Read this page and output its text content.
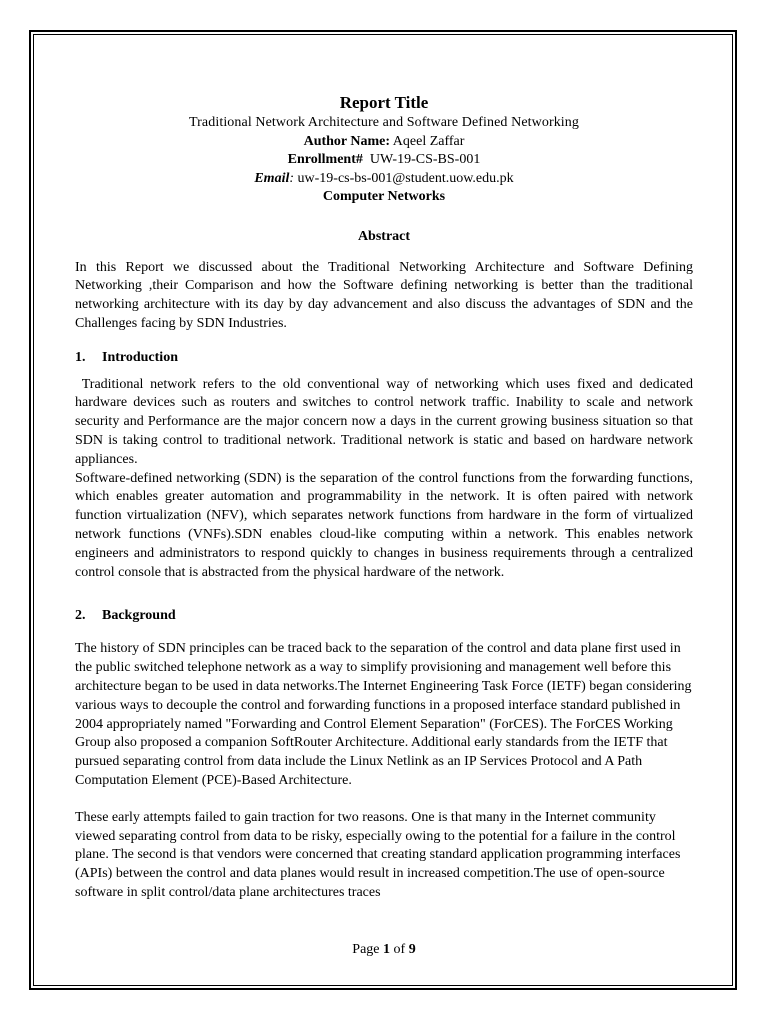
Report Title
Traditional Network Architecture and Software Defined Networking
Author Name: Aqeel Zaffar
Enrollment# UW-19-CS-BS-001
Email: uw-19-cs-bs-001@student.uow.edu.pk
Computer Networks
Abstract

In this Report we discussed about the Traditional Networking Architecture and Software Defining Networking ,their Comparison and how the Software defining networking is better than the traditional networking architecture with its day by day advancement and also discuss the advantages of SDN and the Challenges facing by SDN Industries.

1. Introduction

Traditional network refers to the old conventional way of networking which uses fixed and dedicated hardware devices such as routers and switches to control network traffic. Inability to scale and network security and Performance are the major concern now a days in the current growing business situation so that SDN is taking control to traditional network. Traditional network is static and based on hardware network appliances.

Software-defined networking (SDN) is the separation of the control functions from the forwarding functions, which enables greater automation and programmability in the network. It is often paired with network function virtualization (NFV), which separates network functions from hardware in the form of virtualized network functions (VNFs).SDN enables cloud-like computing within a network. This enables network engineers and administrators to respond quickly to changes in business requirements through a centralized control console that is abstracted from the physical hardware of the network.

2. Background

The history of SDN principles can be traced back to the separation of the control and data plane first used in the public switched telephone network as a way to simplify provisioning and management well before this architecture began to be used in data networks.The Internet Engineering Task Force (IETF) began considering various ways to decouple the control and forwarding functions in a proposed interface standard published in 2004 appropriately named "Forwarding and Control Element Separation" (ForCES). The ForCES Working Group also proposed a companion SoftRouter Architecture. Additional early standards from the IETF that pursued separating control from data include the Linux Netlink as an IP Services Protocol and A Path Computation Element (PCE)-Based Architecture.

These early attempts failed to gain traction for two reasons. One is that many in the Internet community viewed separating control from data to be risky, especially owing to the potential for a failure in the control plane. The second is that vendors were concerned that creating standard application programming interfaces (APIs) between the control and data planes would result in increased competition.The use of open-source software in split control/data plane architectures traces

Page 1 of 9
